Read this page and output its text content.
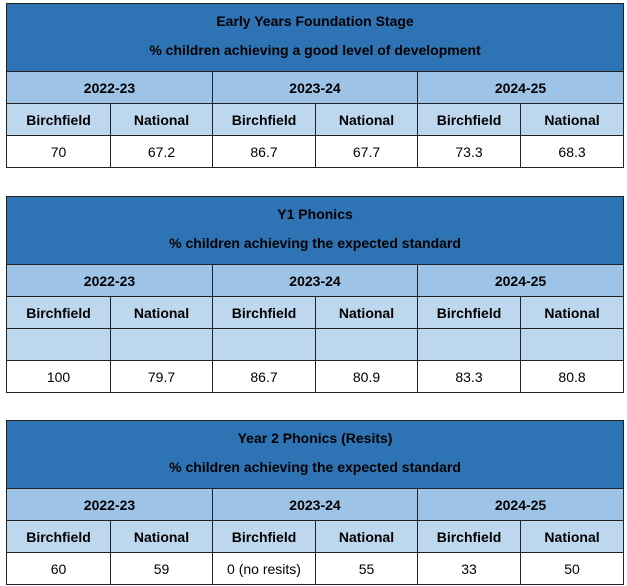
Early Years Foundation Stage
% children achieving a good level of development					

2022-23		2023-24		2024-25	
Birchfield	National	Birchfield	National	Birchfield	National
70	67.2	86.7	67.7	73.3	68.3
Y1 Phonics
% children achieving the expected standard					

2022-23		2023-24		2024-25	
Birchfield	National	Birchfield	National	Birchfield	National

100	79.7	86.7	80.9	83.3	80.8
Year 2 Phonics (Resits)
% children achieving the expected standard					

2022-23		2023-24		2024-25	
Birchfield	National	Birchfield	National	Birchfield	National
60	59	0 (no resits)	55	33	50
